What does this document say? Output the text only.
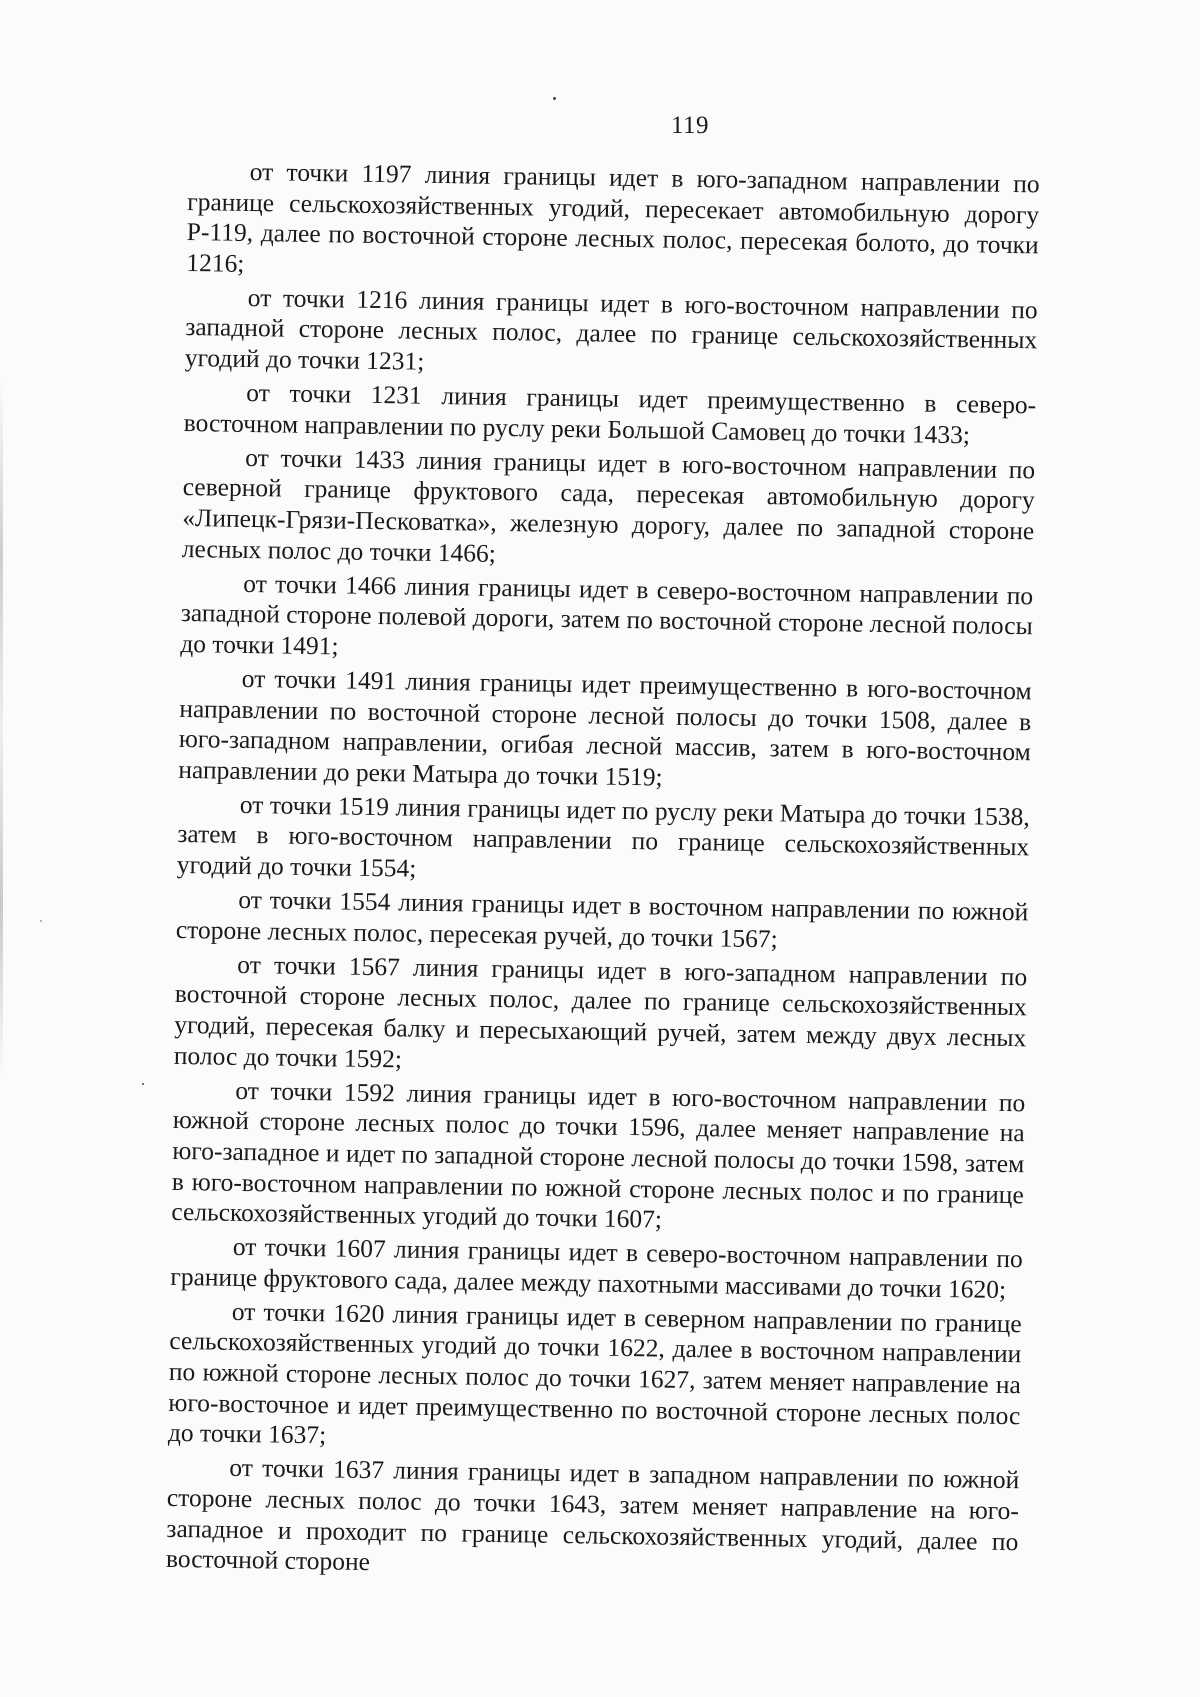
119

от точки 1197 линия границы идет в юго-западном направлении по границе сельскохозяйственных угодий, пересекает автомобильную дорогу Р-119, далее по восточной стороне лесных полос, пересекая болото, до точки 1216;

от точки 1216 линия границы идет в юго-восточном направлении по западной стороне лесных полос, далее по границе сельскохозяйственных угодий до точки 1231;

от точки 1231 линия границы идет преимущественно в северо-восточном направлении по руслу реки Большой Самовец до точки 1433;

от точки 1433 линия границы идет в юго-восточном направлении по северной границе фруктового сада, пересекая автомобильную дорогу «Липецк-Грязи-Песковатка», железную дорогу, далее по западной стороне лесных полос до точки 1466;

от точки 1466 линия границы идет в северо-восточном направлении по западной стороне полевой дороги, затем по восточной стороне лесной полосы до точки 1491;

от точки 1491 линия границы идет преимущественно в юго-восточном направлении по восточной стороне лесной полосы до точки 1508, далее в юго-западном направлении, огибая лесной массив, затем в юго-восточном направлении до реки Матыра до точки 1519;

от точки 1519 линия границы идет по руслу реки Матыра до точки 1538, затем в юго-восточном направлении по границе сельскохозяйственных угодий до точки 1554;

от точки 1554 линия границы идет в восточном направлении по южной стороне лесных полос, пересекая ручей, до точки 1567;

от точки 1567 линия границы идет в юго-западном направлении по восточной стороне лесных полос, далее по границе сельскохозяйственных угодий, пересекая балку и пересыхающий ручей, затем между двух лесных полос до точки 1592;

от точки 1592 линия границы идет в юго-восточном направлении по южной стороне лесных полос до точки 1596, далее меняет направление на юго-западное и идет по западной стороне лесной полосы до точки 1598, затем в юго-восточном направлении по южной стороне лесных полос и по границе сельскохозяйственных угодий до точки 1607;

от точки 1607 линия границы идет в северо-восточном направлении по границе фруктового сада, далее между пахотными массивами до точки 1620;

от точки 1620 линия границы идет в северном направлении по границе сельскохозяйственных угодий до точки 1622, далее в восточном направлении по южной стороне лесных полос до точки 1627, затем меняет направление на юго-восточное и идет преимущественно по восточной стороне лесных полос до точки 1637;

от точки 1637 линия границы идет в западном направлении по южной стороне лесных полос до точки 1643, затем меняет направление на юго-западное и проходит по границе сельскохозяйственных угодий, далее по восточной стороне
